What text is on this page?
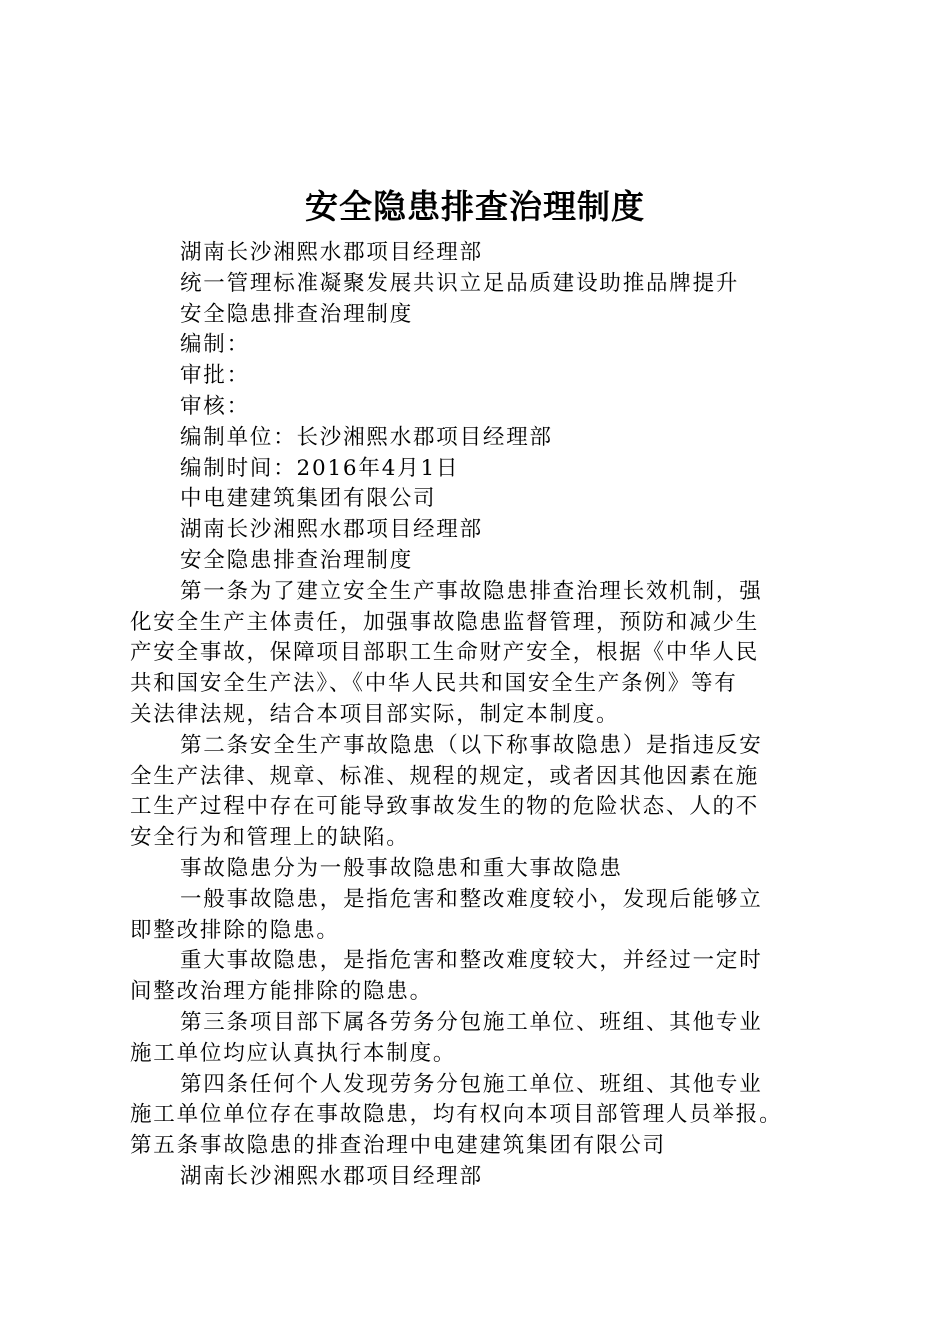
安全隐患排查治理制度
湖南长沙湘熙水郡项目经理部
统一管理标准凝聚发展共识立足品质建设助推品牌提升
安全隐患排查治理制度
编制：
审批：
审核：
编制单位：长沙湘熙水郡项目经理部
编制时间：2016年4月1日
中电建建筑集团有限公司
湖南长沙湘熙水郡项目经理部
安全隐患排查治理制度
第一条为了建立安全生产事故隐患排查治理长效机制，强
化安全生产主体责任，加强事故隐患监督管理，预防和减少生
产安全事故，保障项目部职工生命财产安全，根据《中华人民
共和国安全生产法》、《中华人民共和国安全生产条例》等有
关法律法规，结合本项目部实际，制定本制度。
第二条安全生产事故隐患（以下称事故隐患）是指违反安
全生产法律、规章、标准、规程的规定，或者因其他因素在施
工生产过程中存在可能导致事故发生的物的危险状态、人的不
安全行为和管理上的缺陷。
事故隐患分为一般事故隐患和重大事故隐患
一般事故隐患，是指危害和整改难度较小，发现后能够立
即整改排除的隐患。
重大事故隐患，是指危害和整改难度较大，并经过一定时
间整改治理方能排除的隐患。
第三条项目部下属各劳务分包施工单位、班组、其他专业
施工单位均应认真执行本制度。
第四条任何个人发现劳务分包施工单位、班组、其他专业
施工单位单位存在事故隐患，均有权向本项目部管理人员举报。
第五条事故隐患的排查治理中电建建筑集团有限公司
湖南长沙湘熙水郡项目经理部
